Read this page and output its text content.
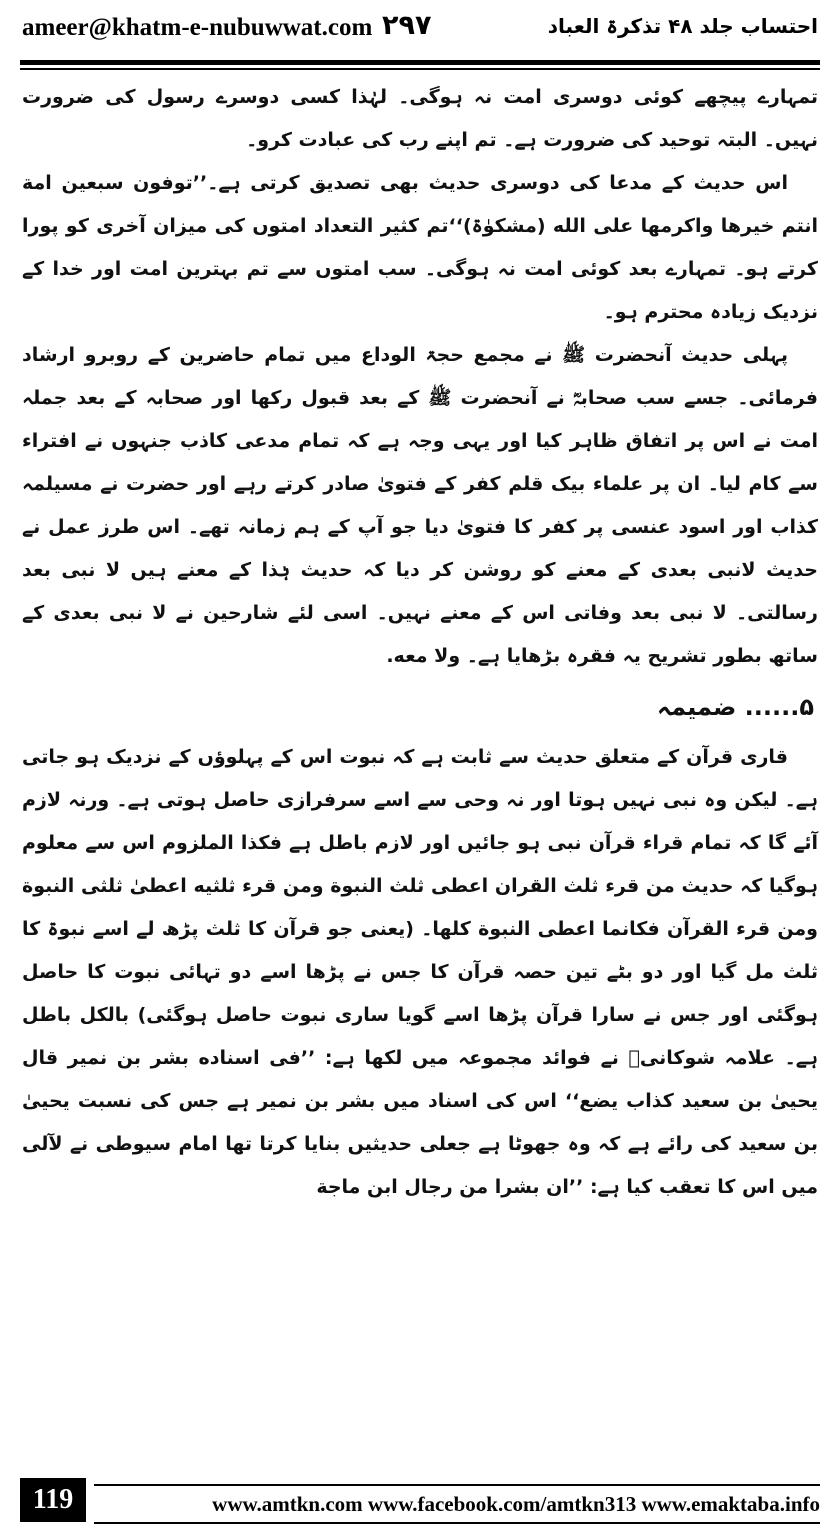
ameer@khatm-e-nubuwwat.com ۲۹۷	احتساب جلد ۴۸ تذکرۃ العباد

تمہارے پیچھے کوئی دوسری امت نہ ہوگی۔ لہٰذا کسی دوسرے رسول کی ضرورت نہیں۔ البتہ توحید کی ضرورت ہے۔ تم اپنے رب کی عبادت کرو۔

اس حدیث کے مدعا کی دوسری حدیث بھی تصدیق کرتی ہے۔’’توفون سبعین امة انتم خیرها واکرمها علی الله (مشکوٰۃ)‘‘تم کثیر التعداد امتوں کی میزان آخری کو پورا کرتے ہو۔ تمہارے بعد کوئی امت نہ ہوگی۔ سب امتوں سے تم بہترین امت اور خدا کے نزدیک زیادہ محترم ہو۔

پہلی حدیث آنحضرت ﷺ نے مجمع حجۃ الوداع میں تمام حاضرین کے روبرو ارشاد فرمائی۔ جسے سب صحابہؓ نے آنحضرت ﷺ کے بعد قبول رکھا اور صحابہ کے بعد جملہ امت نے اس پر اتفاق ظاہر کیا اور یہی وجہ ہے کہ تمام مدعی کاذب جنہوں نے افتراء سے کام لیا۔ ان پر علماء بیک قلم کفر کے فتویٰ صادر کرتے رہے اور حضرت نے مسیلمہ کذاب اور اسود عنسی پر کفر کا فتویٰ دیا جو آپ کے ہم زمانہ تھے۔ اس طرز عمل نے حدیث لانبی بعدی کے معنے کو روشن کر دیا کہ حدیث ہٰذا کے معنے ہیں لا نبی بعد رسالتی۔ لا نبی بعد وفاتی اس کے معنے نہیں۔ اسی لئے شارحین نے لا نبی بعدی کے ساتھ بطور تشریح یہ فقرہ بڑھایا ہے۔ ولا معه.

۵...... ضمیمہ

قاری قرآن کے متعلق حدیث سے ثابت ہے کہ نبوت اس کے پہلوؤں کے نزدیک ہو جاتی ہے۔ لیکن وہ نبی نہیں ہوتا اور نہ وحی سے اسے سرفرازی حاصل ہوتی ہے۔ ورنہ لازم آئے گا کہ تمام قراء قرآن نبی ہو جائیں اور لازم باطل ہے فکذا الملزوم اس سے معلوم ہوگیا کہ حدیث من قرء ثلث القران اعطی ثلث النبوة ومن قرء ثلثیه اعطیٰ ثلثی النبوة ومن قرء القرآن فکانما اعطی النبوة کلها۔ (یعنی جو قرآن کا ثلث پڑھ لے اسے نبوۃ کا ثلث مل گیا اور دو بٹے تین حصہ قرآن کا جس نے پڑھا اسے دو تہائی نبوت کا حاصل ہوگئی اور جس نے سارا قرآن پڑھا اسے گویا ساری نبوت حاصل ہوگئی) بالکل باطل ہے۔ علامہ شوکانیؒ نے فوائد مجموعہ میں لکھا ہے: ’’فی اسناده بشر بن نمیر قال یحییٰ بن سعید کذاب یضع‘‘ اس کی اسناد میں بشر بن نمیر ہے جس کی نسبت یحییٰ بن سعید کی رائے ہے کہ وہ جھوٹا ہے جعلی حدیثیں بنایا کرتا تھا امام سیوطی نے لآلی میں اس کا تعقب کیا ہے: ’’ان بشرا من رجال ابن ماجة

119	www.amtkn.com www.facebook.com/amtkn313 www.emaktaba.info
